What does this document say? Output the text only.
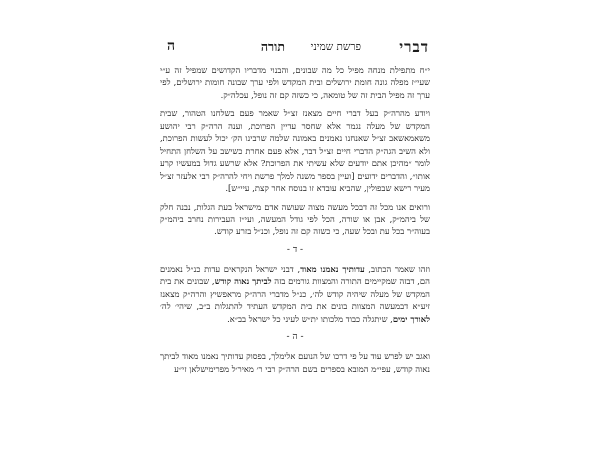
דברי
פרשת שמיני
תורה
ה

י״ח מתפילת מנחה מפיל כל מה שבונים, והבנוי מדבריו הקדושים שמפיל זה ע״י שעי״ז מפלה גונה חומת ירושלים ובית המקדש ולפי ערך שבונה חומות ירושלים, לפי ערך זה מפיל הבית זה של טומאה, כי כשזה קם זה נופל, עכלה״ק.

ויודע מהרה״ק בעל דברי חיים מצאנז זצ״ל שאמר פעם בשלחנו הטהור, שבית המקדש של מעלה נגמר אלא שחסר עדיין הפרוכת, וענה הרה״ק רבי יהושע משאמאשאב זצ״ל שאנחנו נאמנים באמונה שלמה שרבינו הק׳ יכול לעשות הפרוכת, ולא השיב הגה״ק הדברי חיים זצ״ל דבר, אלא פעם אחרת כשישב על השלחן התחיל לומר ״מהיכן אתם יודעים שלא עשיתי את הפרוכת? אלא שרשע גדול במעשיו קרע אותו״, והדברים ידועים [ועיין בספר משנה למלך פרשת ויחי להרה״ק רבי אלעזר זצ״ל מעיר רישא שבפולין, שהביא עובדא זו בנוסח אחר קצת, עיי״ש].

ורואים אנו מכל זה דבכל מעשה מצוה שעושה אדם מישראל בעת הגלות, נבנה חלק של ביהמ״ק, אבן או שורה, הכל לפי גודל המעשה, ועי״ז העבירות נחרב ביהמ״ק בעוה״ר בכל עת ובכל שעה, כי כשזה קם זה נופל, וכנ״ל בזרע קודש.

- ד -

וזהו שאמר הכתוב, עדותיך נאמנו מאוד, דבני ישראל הנקראים עדות כנ״ל נאמנים הם, דבזה שמקיימים התורה והמצוות גורמים בזה לביתך נאוה קודש, שבונים את בית המקדש של מעלה שיהיה קודש לה׳, כנ״ל מדברי הרה״ק מראפשיץ והרה״ק מצאנז זיע״א דבמעשה המצוות בונים את בית המקדש העתיד להתגלות ב״ב, שיהי׳ לה׳ לאורך ימים, שיתגלה כבוד מלכותו ית״ש לעיני כל ישראל בב״א.

- ה -

ואגב יש לפרש עוד על פי דרכו של הנועם אלימלך, בפסוק עדותיך נאמנו מאוד לביתך נאוה קודש, עפי״מ המובא בספרים בשם הרה״ק רבי ר׳ מאיר׳ל מפרימישלאן זי״ע
